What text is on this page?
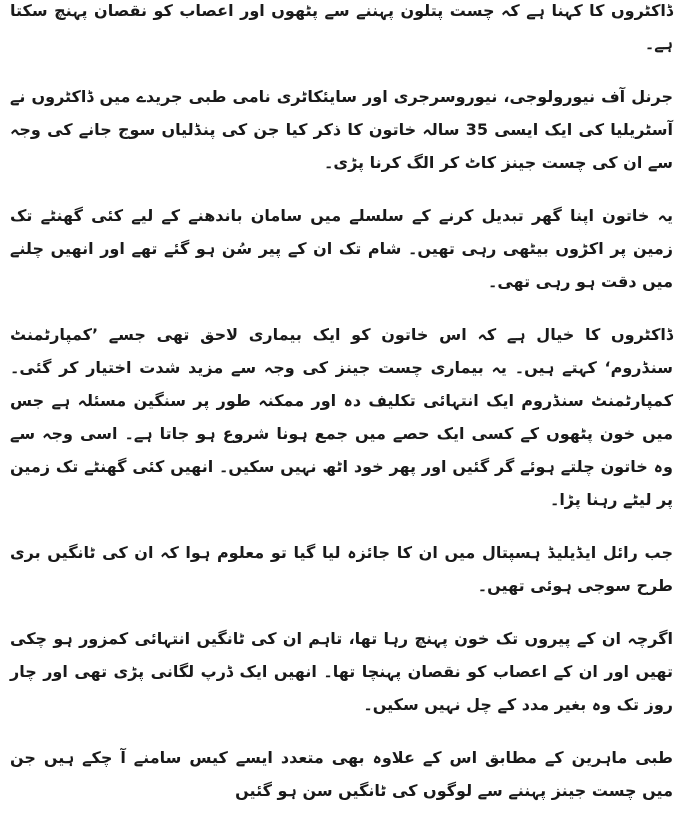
ڈاکٹروں کا کہنا ہے کہ چست پتلون پہننے سے پٹھوں اور اعصاب کو نقصان پہنچ سکتا ہے۔

جرنل آف نیورولوجی، نیوروسرجری اور سایئکاٹری نامی طبی جریدے میں ڈاکٹروں نے آسٹریلیا کی ایک ایسی 35 سالہ خاتون کا ذکر کیا جن کی پنڈلیاں سوج جانے کی وجہ سے ان کی چست جینز کاٹ کر الگ کرنا پڑی۔

یہ خاتون اپنا گھر تبدیل کرنے کے سلسلے میں سامان باندھنے کے لیے کئی گھنٹے تک زمین پر اکڑوں بیٹھی رہی تھیں۔ شام تک ان کے پیر سُن ہو گئے تھے اور انھیں چلنے میں دقت ہو رہی تھی۔

ڈاکٹروں کا خیال ہے کہ اس خاتون کو ایک بیماری لاحق تھی جسے ’کمپارٹمنٹ سنڈروم‘ کہتے ہیں۔ یہ بیماری چست جینز کی وجہ سے مزید شدت اختیار کر گئی۔ کمپارٹمنٹ سنڈروم ایک انتہائی تکلیف دہ اور ممکنہ طور پر سنگین مسئلہ ہے جس میں خون پٹھوں کے کسی ایک حصے میں جمع ہونا شروع ہو جاتا ہے۔ اسی وجہ سے وہ خاتون چلتے ہوئے گر گئیں اور پھر خود اٹھ نہیں سکیں۔ انھیں کئی گھنٹے تک زمین پر لیٹے رہنا پڑا۔

جب رائل ایڈیلیڈ ہسپتال میں ان کا جائزہ لیا گیا تو معلوم ہوا کہ ان کی ٹانگیں بری طرح سوجی ہوئی تھیں۔

اگرچہ ان کے پیروں تک خون پہنچ رہا تھا، تاہم ان کی ٹانگیں انتہائی کمزور ہو چکی تھیں اور ان کے اعصاب کو نقصان پہنچا تھا۔ انھیں ایک ڈرپ لگانی پڑی تھی اور چار روز تک وہ بغیر مدد کے چل نہیں سکیں۔

طبی ماہرین کے مطابق اس کے علاوہ بھی متعدد ایسے کیس سامنے آ چکے ہیں جن میں چست جینز پہننے سے لوگوں کی ٹانگیں سن ہو گئیں
